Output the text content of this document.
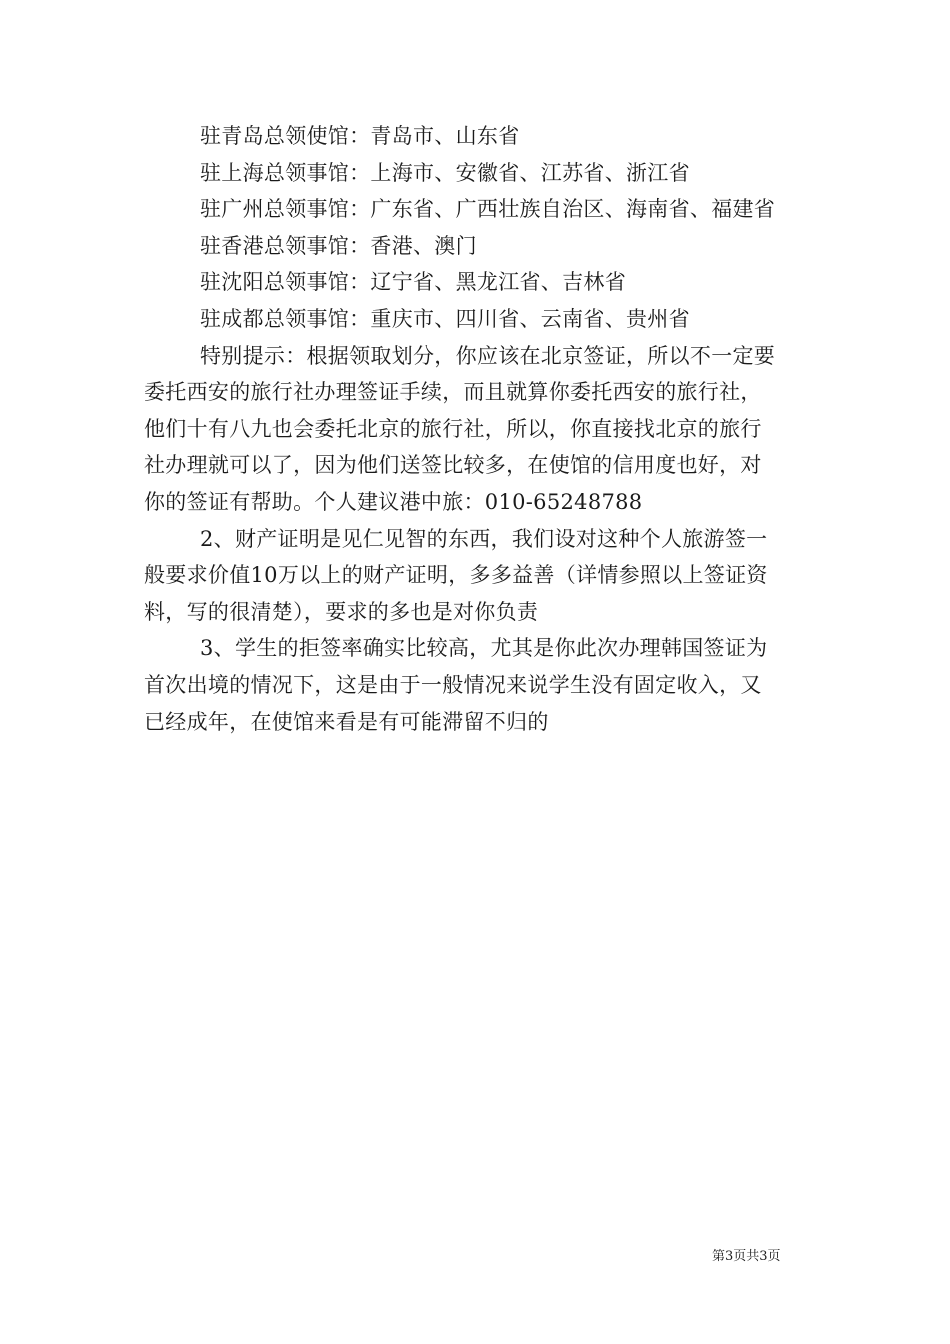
驻青岛总领使馆：青岛市、山东省
驻上海总领事馆：上海市、安徽省、江苏省、浙江省
驻广州总领事馆：广东省、广西壮族自治区、海南省、福建省
驻香港总领事馆：香港、澳门
驻沈阳总领事馆：辽宁省、黑龙江省、吉林省
驻成都总领事馆：重庆市、四川省、云南省、贵州省
特别提示：根据领取划分，你应该在北京签证，所以不一定要
委托西安的旅行社办理签证手续，而且就算你委托西安的旅行社，
他们十有八九也会委托北京的旅行社，所以，你直接找北京的旅行
社办理就可以了，因为他们送签比较多，在使馆的信用度也好，对
你的签证有帮助。个人建议港中旅：010-65248788
2、财产证明是见仁见智的东西，我们设对这种个人旅游签一
般要求价值10万以上的财产证明，多多益善（详情参照以上签证资
料，写的很清楚），要求的多也是对你负责
3、学生的拒签率确实比较高，尤其是你此次办理韩国签证为
首次出境的情况下，这是由于一般情况来说学生没有固定收入，又
已经成年，在使馆来看是有可能滞留不归的
第3页共3页
